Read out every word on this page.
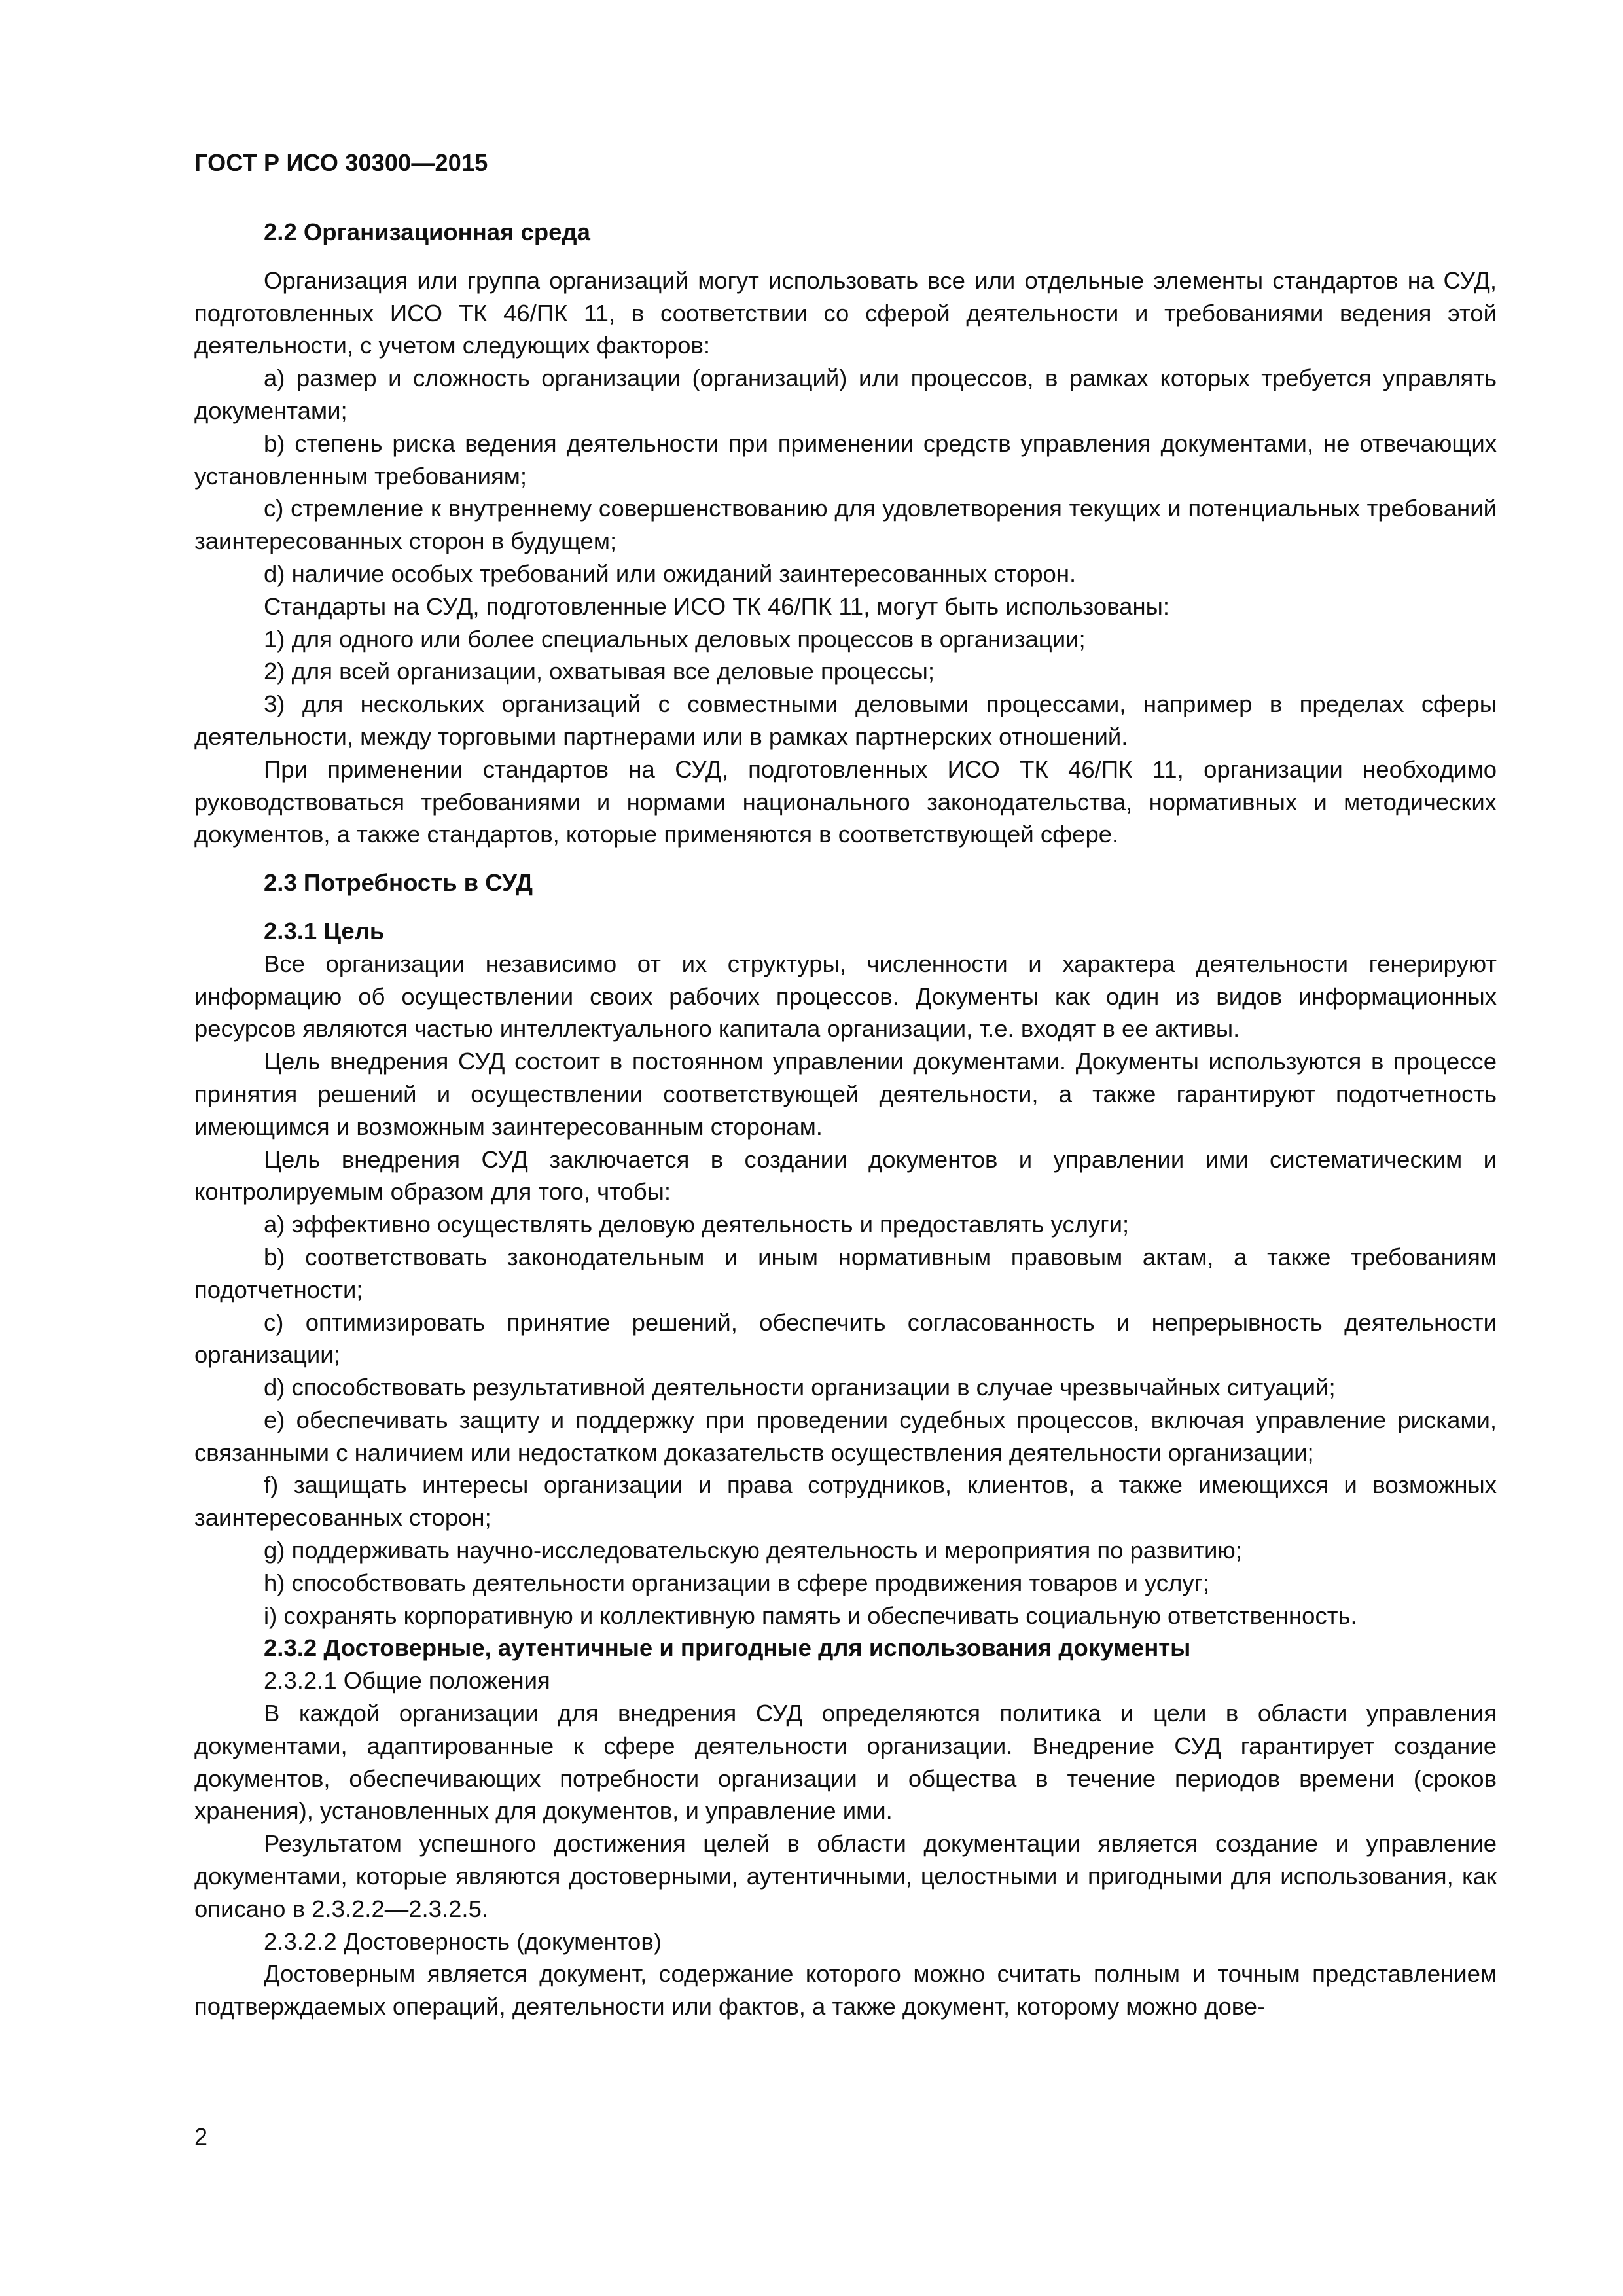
ГОСТ Р ИСО 30300—2015

2.2 Организационная среда

Организация или группа организаций могут использовать все или отдельные элементы стандартов на СУД, подготовленных ИСО ТК 46/ПК 11, в соответствии со сферой деятельности и требованиями ведения этой деятельности, с учетом следующих факторов:

a) размер и сложность организации (организаций) или процессов, в рамках которых требуется управлять документами;

b) степень риска ведения деятельности при применении средств управления документами, не отвечающих установленным требованиям;

c) стремление к внутреннему совершенствованию для удовлетворения текущих и потенциальных требований заинтересованных сторон в будущем;

d) наличие особых требований или ожиданий заинтересованных сторон.

Стандарты на СУД, подготовленные ИСО ТК 46/ПК 11, могут быть использованы:

1) для одного или более специальных деловых процессов в организации;

2) для всей организации, охватывая все деловые процессы;

3) для нескольких организаций с совместными деловыми процессами, например в пределах сферы деятельности, между торговыми партнерами или в рамках партнерских отношений.

При применении стандартов на СУД, подготовленных ИСО ТК 46/ПК 11, организации необходимо руководствоваться требованиями и нормами национального законодательства, нормативных и методических документов, а также стандартов, которые применяются в соответствующей сфере.

2.3 Потребность в СУД

2.3.1 Цель

Все организации независимо от их структуры, численности и характера деятельности генерируют информацию об осуществлении своих рабочих процессов. Документы как один из видов информационных ресурсов являются частью интеллектуального капитала организации, т.е. входят в ее активы.

Цель внедрения СУД состоит в постоянном управлении документами. Документы используются в процессе принятия решений и осуществлении соответствующей деятельности, а также гарантируют подотчетность имеющимся и возможным заинтересованным сторонам.

Цель внедрения СУД заключается в создании документов и управлении ими систематическим и контролируемым образом для того, чтобы:

a) эффективно осуществлять деловую деятельность и предоставлять услуги;

b) соответствовать законодательным и иным нормативным правовым актам, а также требованиям подотчетности;

c) оптимизировать принятие решений, обеспечить согласованность и непрерывность деятельности организации;

d) способствовать результативной деятельности организации в случае чрезвычайных ситуаций;

e) обеспечивать защиту и поддержку при проведении судебных процессов, включая управление рисками, связанными с наличием или недостатком доказательств осуществления деятельности организации;

f) защищать интересы организации и права сотрудников, клиентов, а также имеющихся и возможных заинтересованных сторон;

g) поддерживать научно-исследовательскую деятельность и мероприятия по развитию;

h) способствовать деятельности организации в сфере продвижения товаров и услуг;

i) сохранять корпоративную и коллективную память и обеспечивать социальную ответственность.

2.3.2 Достоверные, аутентичные и пригодные для использования документы

2.3.2.1 Общие положения

В каждой организации для внедрения СУД определяются политика и цели в области управления документами, адаптированные к сфере деятельности организации. Внедрение СУД гарантирует создание документов, обеспечивающих потребности организации и общества в течение периодов времени (сроков хранения), установленных для документов, и управление ими.

Результатом успешного достижения целей в области документации является создание и управление документами, которые являются достоверными, аутентичными, целостными и пригодными для использования, как описано в 2.3.2.2—2.3.2.5.

2.3.2.2 Достоверность (документов)

Достоверным является документ, содержание которого можно считать полным и точным представлением подтверждаемых операций, деятельности или фактов, а также документ, которому можно дове-

2
